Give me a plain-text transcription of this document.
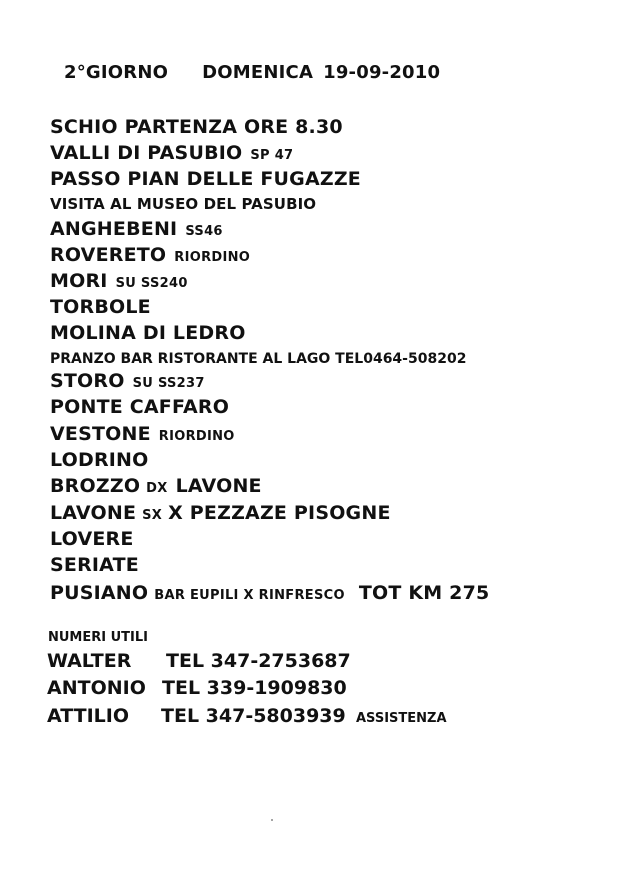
2°GIORNO DOMENICA 19-09-2010
SCHIO PARTENZA ORE 8.30
VALLI DI PASUBIO SP 47
PASSO PIAN DELLE FUGAZZE
VISITA AL MUSEO DEL PASUBIO
ANGHEBENI SS46
ROVERETO RIORDINO
MORI SU SS240
TORBOLE
MOLINA DI LEDRO
PRANZO BAR RISTORANTE AL LAGO TEL0464-508202
STORO SU SS237
PONTE CAFFARO
VESTONE RIORDINO
LODRINO
BROZZO DX LAVONE
LAVONE SX X PEZZAZE PISOGNE
LOVERE
SERIATE
PUSIANO BAR EUPILI X RINFRESCO TOT KM 275
NUMERI UTILI
WALTER TEL 347-2753687
ANTONIO TEL 339-1909830
ATTILIO TEL 347-5803939 ASSISTENZA
